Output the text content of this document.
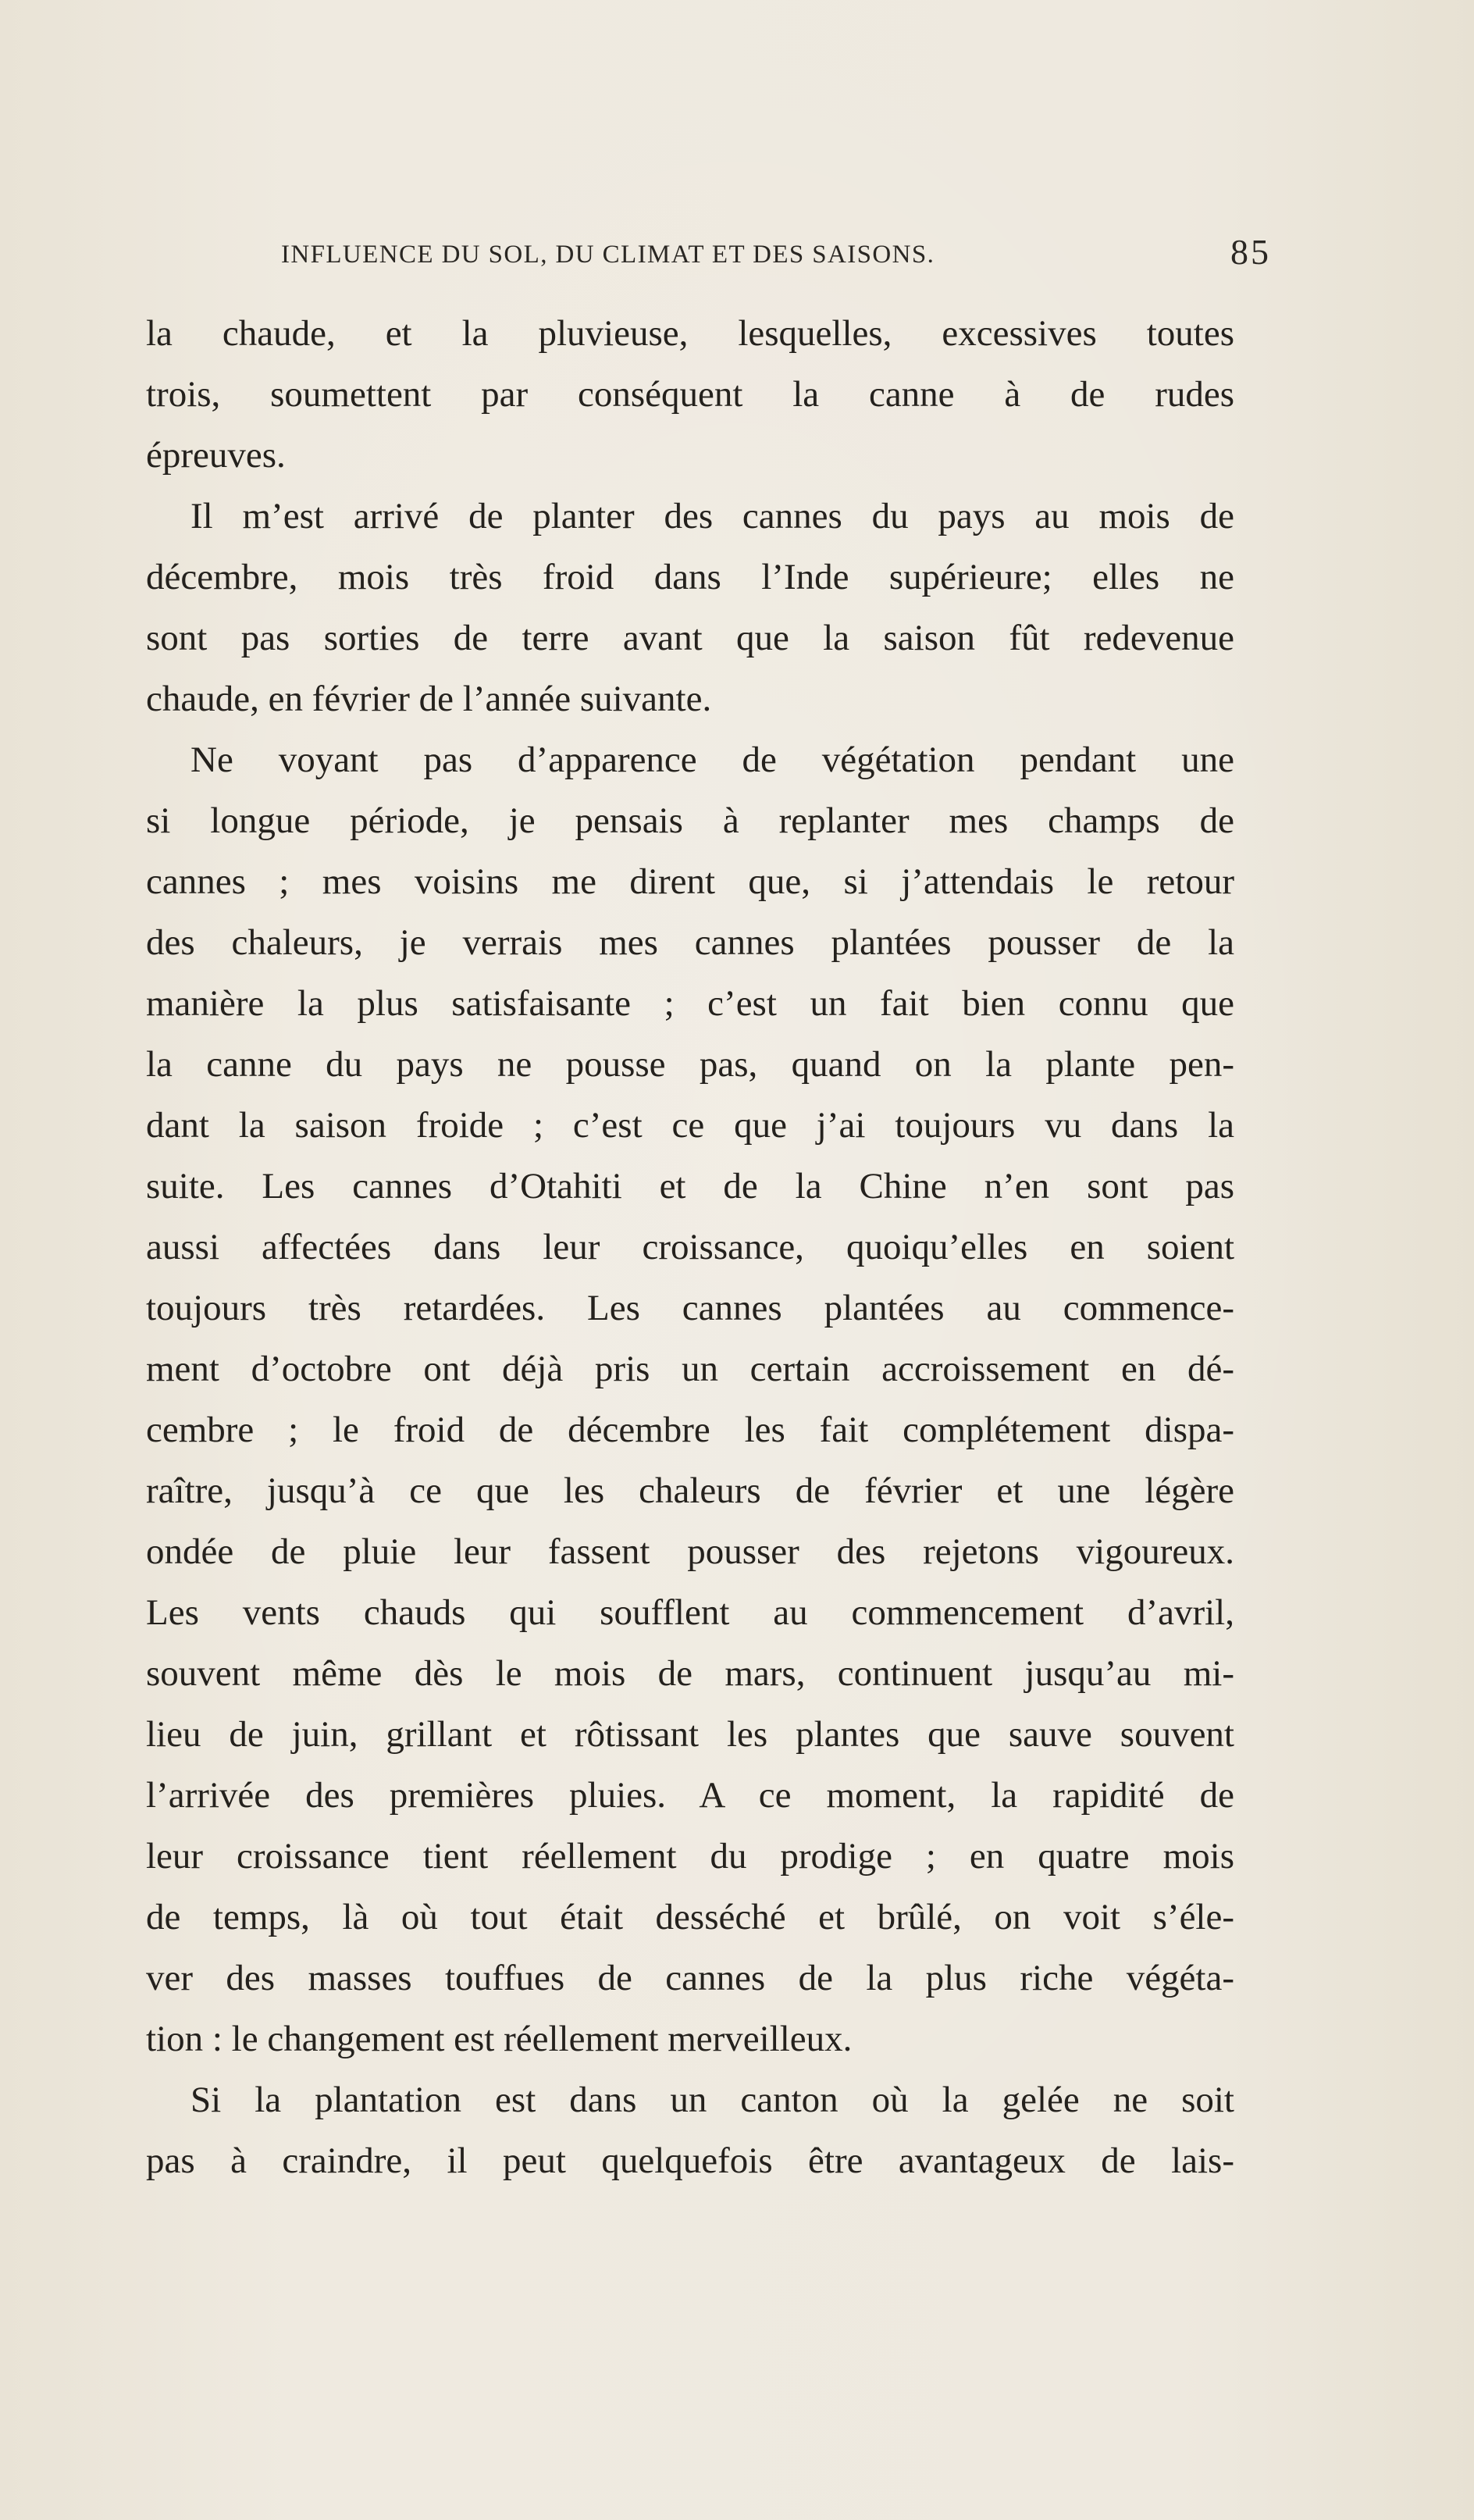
INFLUENCE DU SOL, DU CLIMAT ET DES SAISONS.	85

la chaude, et la pluvieuse, lesquelles, excessives toutes

trois, soumettent par conséquent la canne à de rudes

épreuves.

Il m’est arrivé de planter des cannes du pays au mois de

décembre, mois très froid dans l’Inde supérieure; elles ne

sont pas sorties de terre avant que la saison fût redevenue

chaude, en février de l’année suivante.

Ne voyant pas d’apparence de végétation pendant une

si longue période, je pensais à replanter mes champs de

cannes ; mes voisins me dirent que, si j’attendais le retour

des chaleurs, je verrais mes cannes plantées pousser de la

manière la plus satisfaisante ; c’est un fait bien connu que

la canne du pays ne pousse pas, quand on la plante pen-

dant la saison froide ; c’est ce que j’ai toujours vu dans la

suite. Les cannes d’Otahiti et de la Chine n’en sont pas

aussi affectées dans leur croissance, quoiqu’elles en soient

toujours très retardées. Les cannes plantées au commence-

ment d’octobre ont déjà pris un certain accroissement en dé-

cembre ; le froid de décembre les fait complétement dispa-

raître, jusqu’à ce que les chaleurs de février et une légère

ondée de pluie leur fassent pousser des rejetons vigoureux.

Les vents chauds qui soufflent au commencement d’avril,

souvent même dès le mois de mars, continuent jusqu’au mi-

lieu de juin, grillant et rôtissant les plantes que sauve souvent

l’arrivée des premières pluies. A ce moment, la rapidité de

leur croissance tient réellement du prodige ; en quatre mois

de temps, là où tout était desséché et brûlé, on voit s’éle-

ver des masses touffues de cannes de la plus riche végéta-

tion : le changement est réellement merveilleux.

Si la plantation est dans un canton où la gelée ne soit

pas à craindre, il peut quelquefois être avantageux de lais-
